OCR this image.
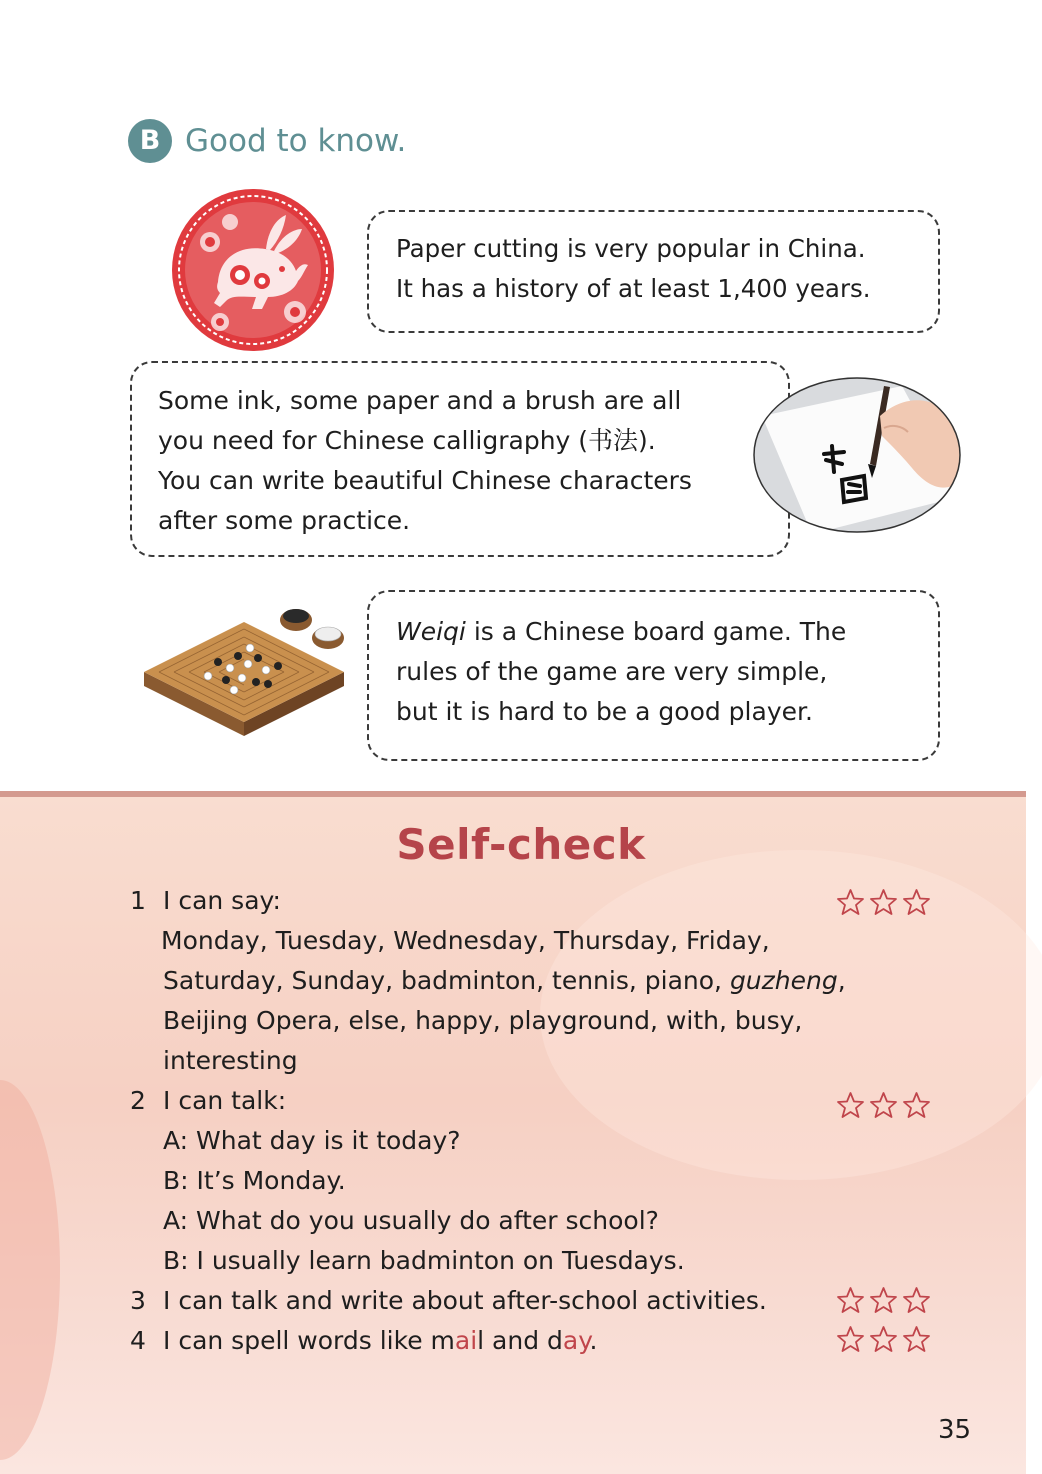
B Good to know.

Paper cutting is very popular in China.

It has a history of at least 1,400 years.

Some ink, some paper and a brush are all

you need for Chinese calligraphy (书法).

You can write beautiful Chinese characters

after some practice.

Weiqi is a Chinese board game. The

rules of the game are very simple,

but it is hard to be a good player.

Self-check
1 I can say:
Monday, Tuesday, Wednesday, Thursday, Friday,
Saturday, Sunday, badminton, tennis, piano, guzheng,
Beijing Opera, else, happy, playground, with, busy,
interesting
2 I can talk:
A: What day is it today?
B: It’s Monday.
A: What do you usually do after school?
B: I usually learn badminton on Tuesdays.
3 I can talk and write about after-school activities.
4 I can spell words like mail and day.
35
